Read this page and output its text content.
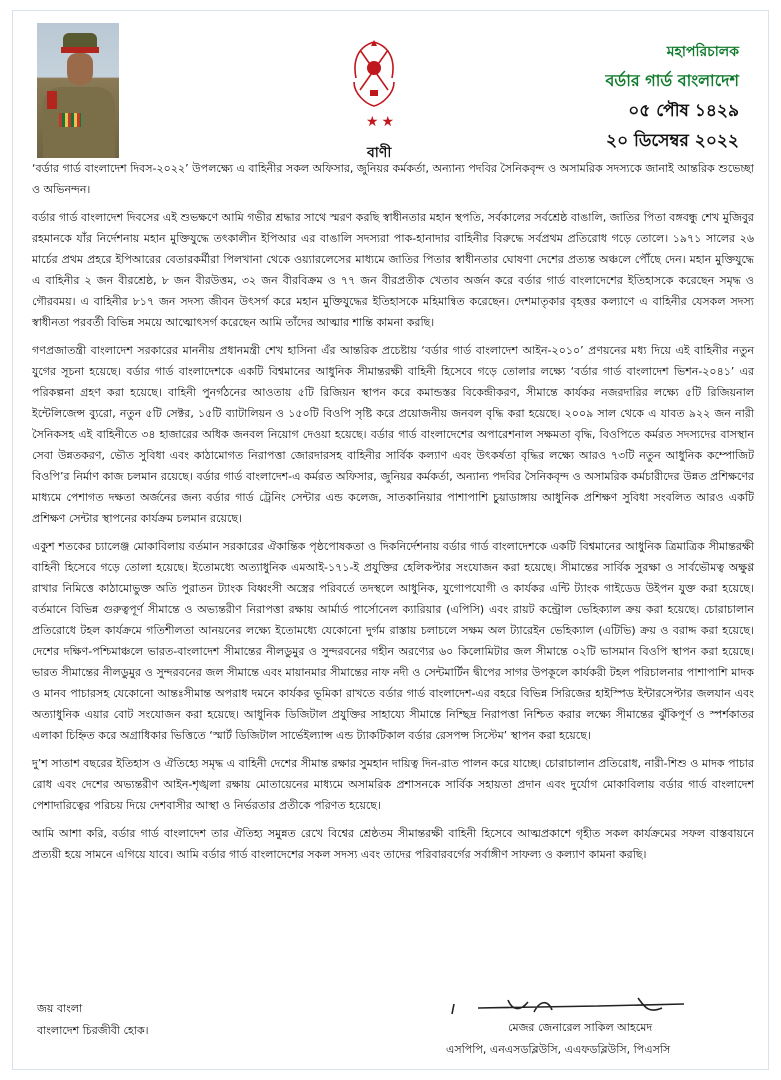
★★
বাণী
মহাপরিচালক
বর্ডার গার্ড বাংলাদেশ
০৫ পৌষ ১৪২৯
২০ ডিসেম্বর ২০২২

‘বর্ডার গার্ড বাংলাদেশ দিবস-২০২২’ উপলক্ষ্যে এ বাহিনীর সকল অফিসার, জুনিয়র কর্মকর্তা, অন্যান্য পদবির সৈনিকবৃন্দ ও অসামরিক সদস্যকে জানাই আন্তরিক শুভেচ্ছা ও অভিনন্দন।

বর্ডার গার্ড বাংলাদেশ দিবসের এই শুভক্ষণে আমি গভীর শ্রদ্ধার সাথে স্মরণ করছি স্বাধীনতার মহান স্থপতি, সর্বকালের সর্বশ্রেষ্ঠ বাঙালি, জাতির পিতা বঙ্গবন্ধু শেখ মুজিবুর রহমানকে যাঁর নির্দেশনায় মহান মুক্তিযুদ্ধে তৎকালীন ইপিআর এর বাঙালি সদস্যরা পাক-হানাদার বাহিনীর বিরুদ্ধে সর্বপ্রথম প্রতিরোধ গড়ে তোলে। ১৯৭১ সালের ২৬ মার্চের প্রথম প্রহরে ইপিআরের বেতারকর্মীরা পিলখানা থেকে ওয়্যারলেসের মাধ্যমে জাতির পিতার স্বাধীনতার ঘোষণা দেশের প্রত্যন্ত অঞ্চলে পৌঁছে দেন। মহান মুক্তিযুদ্ধে এ বাহিনীর ২ জন বীরশ্রেষ্ঠ, ৮ জন বীরউত্তম, ৩২ জন বীরবিক্রম ও ৭৭ জন বীরপ্রতীক খেতাব অর্জন করে বর্ডার গার্ড বাংলাদেশের ইতিহাসকে করেছেন সমৃদ্ধ ও গৌরবময়। এ বাহিনীর ৮১৭ জন সদস্য জীবন উৎসর্গ করে মহান মুক্তিযুদ্ধের ইতিহাসকে মহিমান্বিত করেছেন। দেশমাতৃকার বৃহত্তর কল্যাণে এ বাহিনীর যেসকল সদস্য স্বাধীনতা পরবর্তী বিভিন্ন সময়ে আত্মোৎসর্গ করেছেন আমি তাঁদের আত্মার শান্তি কামনা করছি।

গণপ্রজাতন্ত্রী বাংলাদেশ সরকারের মাননীয় প্রধানমন্ত্রী শেখ হাসিনা এঁর আন্তরিক প্রচেষ্টায় ‘বর্ডার গার্ড বাংলাদেশ আইন-২০১০’ প্রণয়নের মধ্য দিয়ে এই বাহিনীর নতুন যুগের সূচনা হয়েছে। বর্ডার গার্ড বাংলাদেশকে একটি বিশ্বমানের আধুনিক সীমান্তরক্ষী বাহিনী হিসেবে গড়ে তোলার লক্ষ্যে ‘বর্ডার গার্ড বাংলাদেশ ভিশন-২০৪১’ এর পরিকল্পনা গ্রহণ করা হয়েছে। বাহিনী পুনর্গঠনের আওতায় ৫টি রিজিয়ন স্থাপন করে কমান্ডস্তর বিকেন্দ্রীকরণ, সীমান্তে কার্যকর নজরদারির লক্ষ্যে ৫টি রিজিয়নাল ইন্টেলিজেন্স ব্যুরো, নতুন ৫টি সেক্টর, ১৫টি ব্যাটালিয়ন ও ১৫০টি বিওপি সৃষ্টি করে প্রয়োজনীয় জনবল বৃদ্ধি করা হয়েছে। ২০০৯ সাল থেকে এ যাবত ৯২২ জন নারী সৈনিকসহ এই বাহিনীতে ৩৪ হাজারের অধিক জনবল নিয়োগ দেওয়া হয়েছে। বর্ডার গার্ড বাংলাদেশের অপারেশনাল সক্ষমতা বৃদ্ধি, বিওপিতে কর্মরত সদস্যদের বাসস্থান সেবা উন্নতকরণ, ভৌত সুবিধা এবং কাঠামোগত নিরাপত্তা জোরদারসহ বাহিনীর সার্বিক কল্যাণ এবং উৎকর্ষতা বৃদ্ধির লক্ষ্যে আরও ৭৩টি নতুন আধুনিক কম্পোজিট বিওপি’র নির্মাণ কাজ চলমান রয়েছে। বর্ডার গার্ড বাংলাদেশ-এ কর্মরত অফিসার, জুনিয়র কর্মকর্তা, অন্যান্য পদবির সৈনিকবৃন্দ ও অসামরিক কর্মচারীদের উন্নত প্রশিক্ষণের মাধ্যমে পেশাগত দক্ষতা অর্জনের জন্য বর্ডার গার্ড ট্রেনিং সেন্টার এন্ড কলেজ, সাতকানিয়ার পাশাপাশি চুয়াডাঙ্গায় আধুনিক প্রশিক্ষণ সুবিধা সংবলিত আরও একটি প্রশিক্ষণ সেন্টার স্থাপনের কার্যক্রম চলমান রয়েছে।

একুশ শতকের চ্যালেঞ্জ মোকাবিলায় বর্তমান সরকারের ঐকান্তিক পৃষ্ঠপোষকতা ও দিকনির্দেশনায় বর্ডার গার্ড বাংলাদেশকে একটি বিশ্বমানের আধুনিক ত্রিমাত্রিক সীমান্তরক্ষী বাহিনী হিসেবে গড়ে তোলা হয়েছে। ইতোমধ্যে অত্যাধুনিক এমআই-১৭১-ই প্রযুক্তির হেলিকপ্টার সংযোজন করা হয়েছে। সীমান্তের সার্বিক সুরক্ষা ও সার্বভৌমত্ব অক্ষুণ্ণ রাখার নিমিত্তে কাঠামোভুক্ত অতি পুরাতন ট্যাংক বিধ্বংসী অস্ত্রের পরিবর্তে তদস্থলে আধুনিক, যুগোপযোগী ও কার্যকর এন্টি ট্যাংক গাইডেড উইপন যুক্ত করা হয়েছে। বর্তমানে বিভিন্ন গুরুত্বপূর্ণ সীমান্তে ও অভ্যন্তরীণ নিরাপত্তা রক্ষায় আর্মার্ড পার্সোনেল ক্যারিয়ার (এপিসি) এবং রায়ট কন্ট্রোল ভেহিক্যাল ক্রয় করা হয়েছে। চোরাচালান প্রতিরোধে টহল কার্যক্রমে গতিশীলতা আনয়নের লক্ষ্যে ইতোমধ্যে যেকোনো দুর্গম রাস্তায় চলাচলে সক্ষম অল ট্যারেইন ভেহিক্যাল (এটিভি) ক্রয় ও বরাদ্দ করা হয়েছে। দেশের দক্ষিণ-পশ্চিমাঞ্চলে ভারত-বাংলাদেশ সীমান্তের নীলডুমুর ও সুন্দরবনের গহীন অরণ্যের ৬০ কিলোমিটার জল সীমান্তে ০২টি ভাসমান বিওপি স্থাপন করা হয়েছে। ভারত সীমান্তের নীলডুমুর ও সুন্দরবনের জল সীমান্তে এবং মায়ানমার সীমান্তের নাফ নদী ও সেন্টমার্টিন দ্বীপের সাগর উপকূলে কার্যকরী টহল পরিচালনার পাশাপাশি মাদক ও মানব পাচারসহ যেকোনো আন্তঃসীমান্ত অপরাধ দমনে কার্যকর ভূমিকা রাখতে বর্ডার গার্ড বাংলাদেশ-এর বহরে বিভিন্ন সিরিজের হাইস্পিড ইন্টারসেপ্টার জলযান এবং অত্যাধুনিক এয়ার বোট সংযোজন করা হয়েছে। আধুনিক ডিজিটাল প্রযুক্তির সাহায্যে সীমান্তে নিশ্ছিদ্র নিরাপত্তা নিশ্চিত করার লক্ষ্যে সীমান্তের ঝুঁকিপূর্ণ ও স্পর্শকাতর এলাকা চিহ্নিত করে অগ্রাধিকার ভিত্তিতে ‘স্মার্ট ডিজিটাল সার্ভেইল্যান্স এন্ড ট্যাকটিকাল বর্ডার রেসপন্স সিস্টেম’ স্থাপন করা হয়েছে।

দু’শ সাতাশ বছরের ইতিহাস ও ঐতিহ্যে সমৃদ্ধ এ বাহিনী দেশের সীমান্ত রক্ষার সুমহান দায়িত্ব দিন-রাত পালন করে যাচ্ছে। চোরাচালান প্রতিরোধ, নারী-শিশু ও মাদক পাচার রোধ এবং দেশের অভ্যন্তরীণ আইন-শৃঙ্খলা রক্ষায় মোতায়েনের মাধ্যমে অসামরিক প্রশাসনকে সার্বিক সহায়তা প্রদান এবং দুর্যোগ মোকাবিলায় বর্ডার গার্ড বাংলাদেশ পেশাদারিত্বের পরিচয় দিয়ে দেশবাসীর আস্থা ও নির্ভরতার প্রতীকে পরিণত হয়েছে।

আমি আশা করি, বর্ডার গার্ড বাংলাদেশ তার ঐতিহ্য সমুন্নত রেখে বিশ্বের শ্রেষ্ঠতম সীমান্তরক্ষী বাহিনী হিসেবে আত্মপ্রকাশে গৃহীত সকল কার্যক্রমের সফল বাস্তবায়নে প্রত্যয়ী হয়ে সামনে এগিয়ে যাবে। আমি বর্ডার গার্ড বাংলাদেশের সকল সদস্য এবং তাদের পরিবারবর্গের সর্বাঙ্গীণ সাফল্য ও কল্যাণ কামনা করছি।

জয় বাংলা
বাংলাদেশ চিরজীবী হোক।	মেজর জেনারেল সাকিল আহমেদ
এসপিপি, এনএসডব্লিউসি, এএফডব্লিউসি, পিএসসি
